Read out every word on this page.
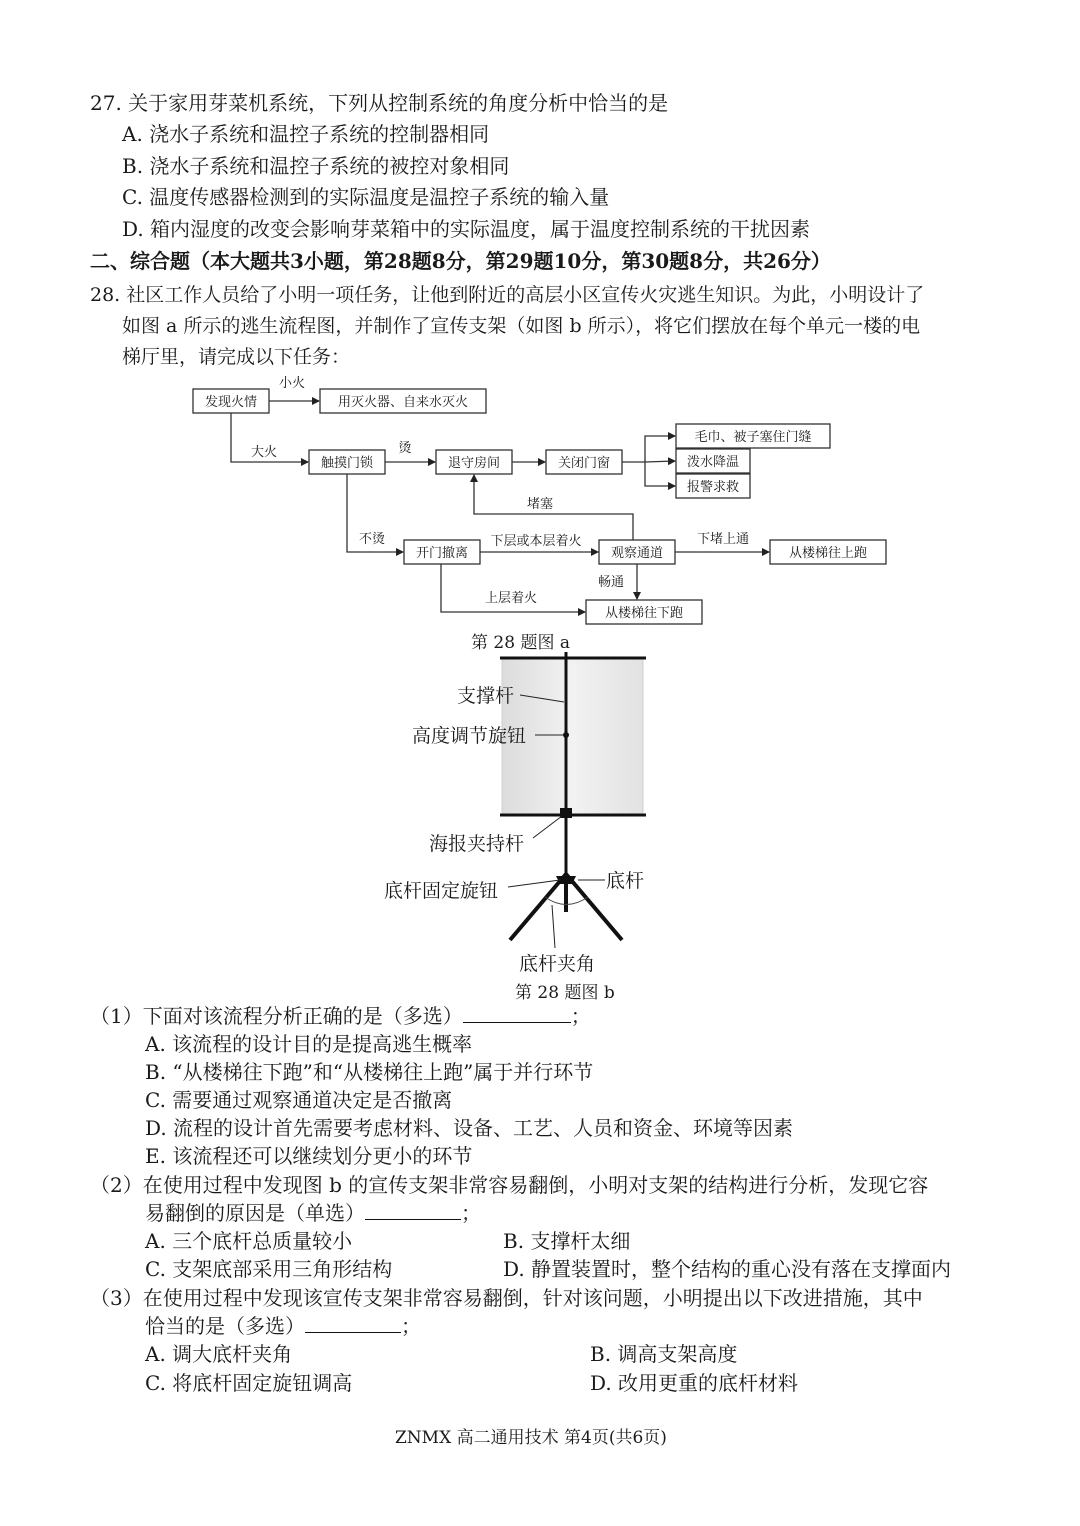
27. 关于家用芽菜机系统，下列从控制系统的角度分析中恰当的是
A. 浇水子系统和温控子系统的控制器相同
B. 浇水子系统和温控子系统的被控对象相同
C. 温度传感器检测到的实际温度是温控子系统的输入量
D. 箱内湿度的改变会影响芽菜箱中的实际温度，属于温度控制系统的干扰因素
二、综合题（本大题共3小题，第28题8分，第29题10分，第30题8分，共26分）
28. 社区工作人员给了小明一项任务，让他到附近的高层小区宣传火灾逃生知识。为此，小明设计了
如图 a 所示的逃生流程图，并制作了宣传支架（如图 b 所示），将它们摆放在每个单元一楼的电
梯厅里，请完成以下任务：
发现火情	用灭火器、自来水灭火
触摸门锁	退守房间	关闭门窗
毛巾、被子塞住门缝
泼水降温
报警求救
开门撤离	观察通道	从楼梯往上跑
从楼梯往下跑
小火
大火	烫
不烫
堵塞
下层或本层着火	下堵上通
畅通
上层着火
第 28 题图 a
支撑杆
高度调节旋钮
海报夹持杆
底杆固定旋钮	底杆
底杆夹角
第 28 题图 b
（1）下面对该流程分析正确的是（多选）	；
A. 该流程的设计目的是提高逃生概率
B. “从楼梯往下跑”和“从楼梯往上跑”属于并行环节
C. 需要通过观察通道决定是否撤离
D. 流程的设计首先需要考虑材料、设备、工艺、人员和资金、环境等因素
E. 该流程还可以继续划分更小的环节
（2）在使用过程中发现图 b 的宣传支架非常容易翻倒，小明对支架的结构进行分析，发现它容
易翻倒的原因是（单选）	；
A. 三个底杆总质量较小	B. 支撑杆太细
C. 支架底部采用三角形结构	D. 静置装置时，整个结构的重心没有落在支撑面内
（3）在使用过程中发现该宣传支架非常容易翻倒，针对该问题，小明提出以下改进措施，其中
恰当的是（多选）	；
A. 调大底杆夹角	B. 调高支架高度
C. 将底杆固定旋钮调高	D. 改用更重的底杆材料
ZNMX 高二通用技术 第4页(共6页)
